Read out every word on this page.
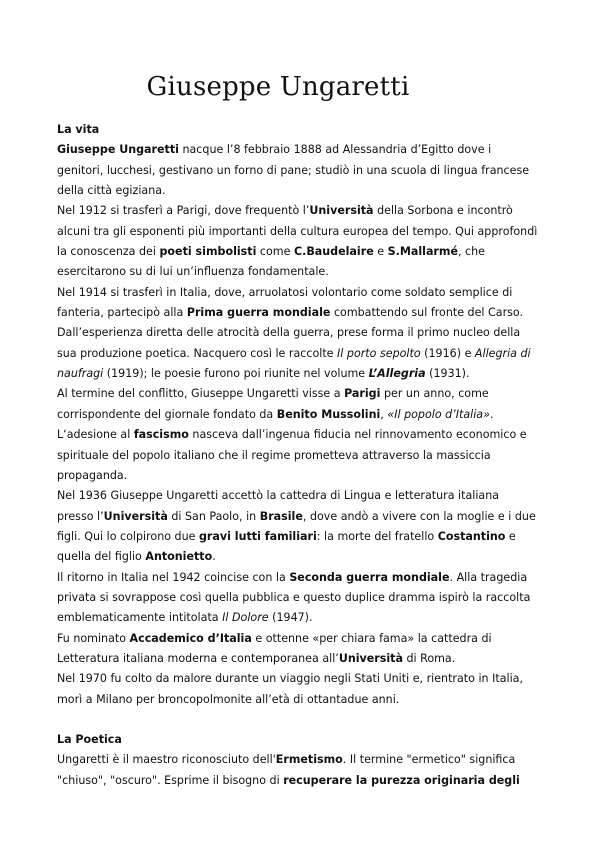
Giuseppe Ungaretti

La vita

Giuseppe Ungaretti nacque l’8 febbraio 1888 ad Alessandria d’Egitto dove i genitori, lucchesi, gestivano un forno di pane; studiò in una scuola di lingua francese della città egiziana.

Nel 1912 si trasferì a Parigi, dove frequentò l’Università della Sorbona e incontrò alcuni tra gli esponenti più importanti della cultura europea del tempo. Qui approfondì la conoscenza dei poeti simbolisti come C.Baudelaire e S.Mallarmé, che esercitarono su di lui un’influenza fondamentale.

Nel 1914 si trasferì in Italia, dove, arruolatosi volontario come soldato semplice di fanteria, partecipò alla Prima guerra mondiale combattendo sul fronte del Carso. Dall’esperienza diretta delle atrocità della guerra, prese forma il primo nucleo della sua produzione poetica. Nacquero così le raccolte Il porto sepolto (1916) e Allegria di naufragi (1919); le poesie furono poi riunite nel volume L’Allegria (1931).

Al termine del conflitto, Giuseppe Ungaretti visse a Parigi per un anno, come corrispondente del giornale fondato da Benito Mussolini, «Il popolo d’Italia».

L‘adesione al fascismo nasceva dall’ingenua fiducia nel rinnovamento economico e spirituale del popolo italiano che il regime prometteva attraverso la massiccia propaganda.

Nel 1936 Giuseppe Ungaretti accettò la cattedra di Lingua e letteratura italiana presso l’Università di San Paolo, in Brasile, dove andò a vivere con la moglie e i due figli. Qui lo colpirono due gravi lutti familiari: la morte del fratello Costantino e quella del figlio Antonietto.

Il ritorno in Italia nel 1942 coincise con la Seconda guerra mondiale. Alla tragedia privata si sovrappose così quella pubblica e questo duplice dramma ispirò la raccolta emblematicamente intitolata Il Dolore (1947).

Fu nominato Accademico d’Italia e ottenne «per chiara fama» la cattedra di Letteratura italiana moderna e contemporanea all’Università di Roma.

Nel 1970 fu colto da malore durante un viaggio negli Stati Uniti e, rientrato in Italia, morì a Milano per broncopolmonite all’età di ottantadue anni.

La Poetica

Ungaretti è il maestro riconosciuto dell'Ermetismo. Il termine "ermetico" significa "chiuso", "oscuro". Esprime il bisogno di recuperare la purezza originaria degli
